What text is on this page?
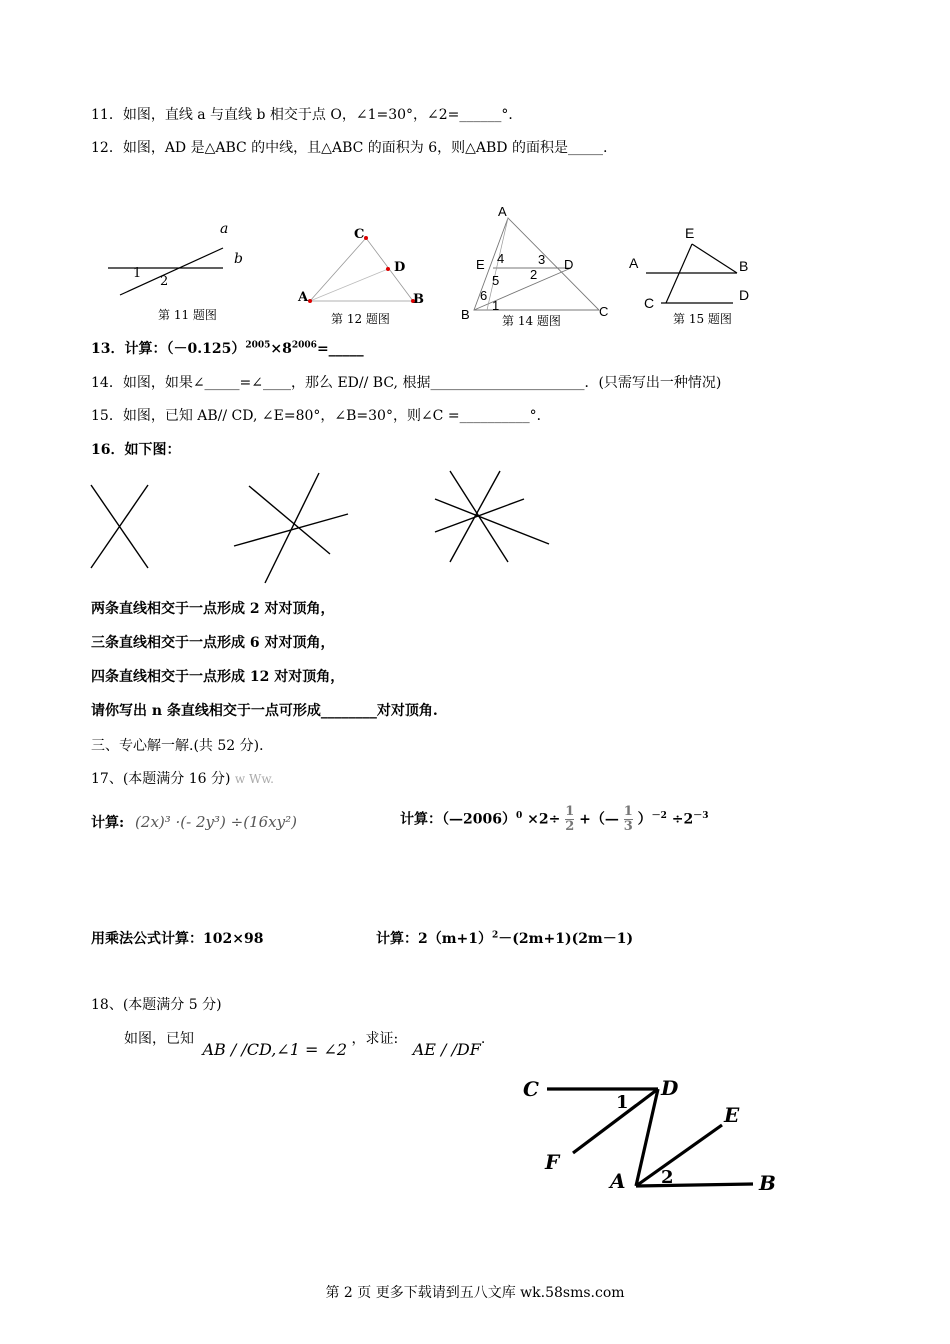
11．如图，直线 a 与直线 b 相交于点 O，∠1=30°，∠2=______°．
12．如图，AD 是△ABC 的中线，且△ABC 的面积为 6，则△ABD 的面积是_____.
a
b
1
2
第 11 题图
C
D
A	B
第 12 题图
A
E	D
B	C
4	3
2
5
6
1
第 14 题图
E
A	B
C	D
第 15 题图
13．计算：$(-0.125)^{2005}\times 8^{2006}=\_\_\_\_\_$
14．如图，如果∠_____=∠____，那么 ED// BC, 根据______________________．(只需写出一种情况)
15．如图，已知 AB// CD, ∠E=80°，∠B=30°，则∠C =__________°．
16．如下图：
两条直线相交于一点形成 2 对对顶角，
三条直线相交于一点形成 6 对对顶角，
四条直线相交于一点形成 12 对对顶角，
请你写出 n 条直线相交于一点可形成________对对顶角.
三、专心解一解.(共 52 分)．
17、(本题满分 16 分) w Ww.
计算: (2x)³ ·(- 2y³) ÷(16xy²)	计算：（—2006）$^0$ $\times 2\div \frac{1}{2}$ +（— $\frac{1}{3} )^{-2} \div 2^{-3}$
用乘法公式计算：102×98	计算：$2(m+1)^2-(2m+1)(2m-1)$
18、(本题满分 5 分)
如图，已知 AB / /CD,∠1 = ∠2 ，求证: AE / /DF.
C	D
1
E
F
A 2	B
第 2 页 更多下载请到五八文库 wk.58sms.com
